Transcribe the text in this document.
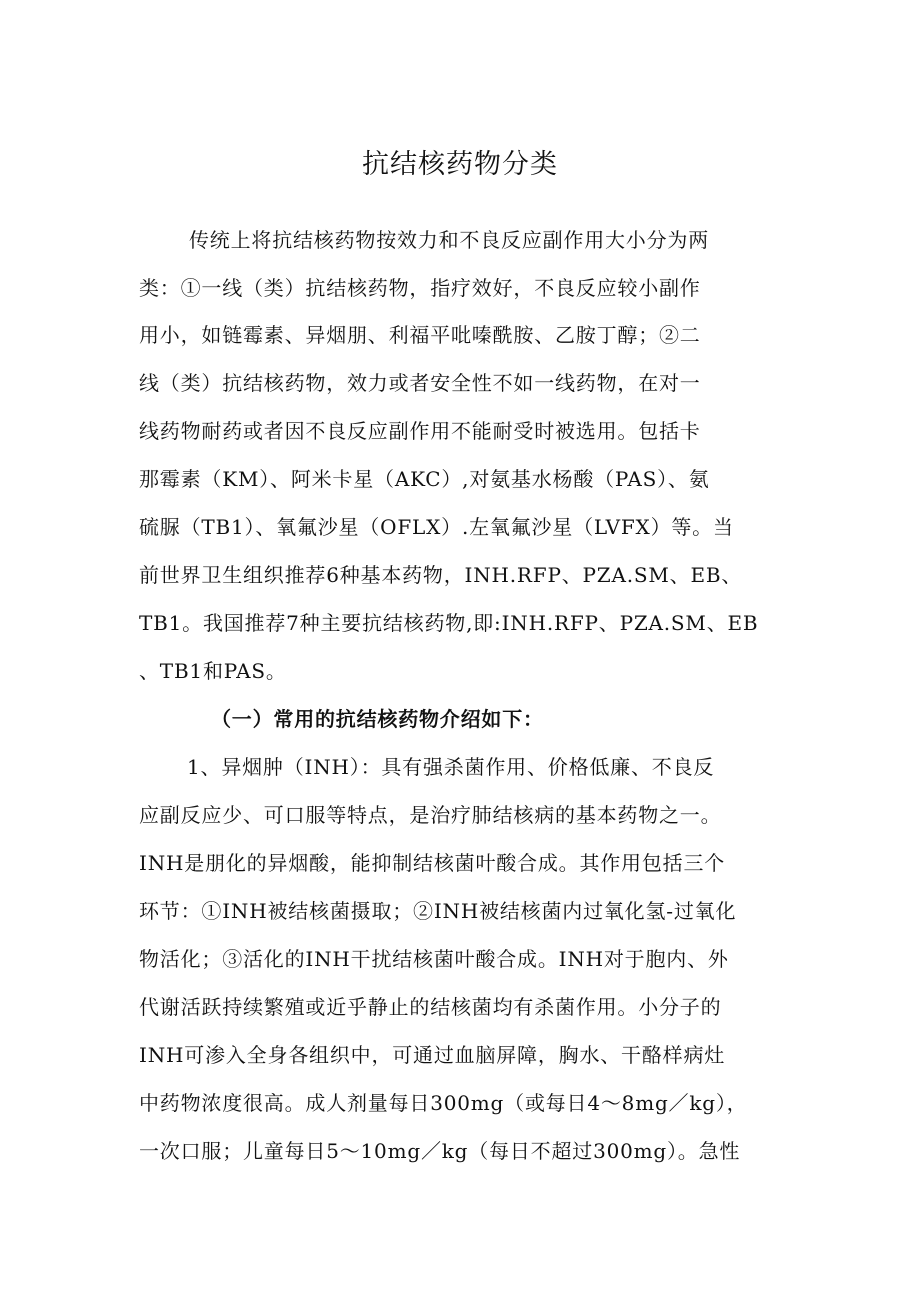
抗结核药物分类
传统上将抗结核药物按效力和不良反应副作用大小分为两
类：①一线（类）抗结核药物，指疗效好，不良反应较小副作
用小，如链霉素、异烟朋、利福平吡嗪酰胺、乙胺丁醇；②二
线（类）抗结核药物，效力或者安全性不如一线药物，在对一
线药物耐药或者因不良反应副作用不能耐受时被选用。包括卡
那霉素（KM）、阿米卡星（AKC）,对氨基水杨酸（PAS）、氨
硫脲（TB1）、氧氟沙星（OFLX）.左氧氟沙星（LVFX）等。当
前世界卫生组织推荐6种基本药物，INH.RFP、PZA.SM、EB、
TB1。我国推荐7种主要抗结核药物,即:INH.RFP、PZA.SM、EB
、TB1和PAS。
（一）常用的抗结核药物介绍如下：
1、异烟肿（INH）：具有强杀菌作用、价格低廉、不良反
应副反应少、可口服等特点，是治疗肺结核病的基本药物之一。
INH是朋化的异烟酸，能抑制结核菌叶酸合成。其作用包括三个
环节：①INH被结核菌摄取；②INH被结核菌内过氧化氢-过氧化
物活化；③活化的INH干扰结核菌叶酸合成。INH对于胞内、外
代谢活跃持续繁殖或近乎静止的结核菌均有杀菌作用。小分子的
INH可渗入全身各组织中，可通过血脑屏障，胸水、干酪样病灶
中药物浓度很高。成人剂量每日300mg（或每日4～8mg／kg），
一次口服；儿童每日5～10mg／kg（每日不超过300mg）。急性
